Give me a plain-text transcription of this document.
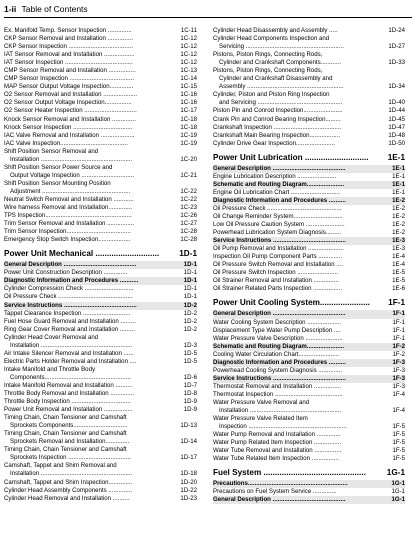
1-ii Table of Contents
Ex. Manifold Temp. Sensor Inspection ..............	1C-11
CKP Sensor Removal and Installation ...............	1C-12
CKP Sensor Inspection ......................................	1C-12
IAT Sensor Removal and Installation ..................	1C-12
IAT Sensor Inspection ........................................	1C-12
CMP Sensor Removal and Installation ................	1C-13
CMP Sensor Inspection ......................................	1C-14
MAP Sensor Output Voltage Inspection..............	1C-15
O2 Sensor Removal and Installation ....................	1C-16
O2 Sensor Output Voltage Inspection................	1C-16
O2 Sensor Heater Inspection ...............................	1C-17
Knock Sensor Removal and Installation ..............	1C-18
Knock Sensor Inspection ...................................	1C-18
IAC Valve Removal and Installation ....................	1C-19
IAC Valve Inspection........................................	1C-19
Shift Position Sensor Removal and
Installation ......................................................	1C-20
Shift Position Sensor Power Source and
Output Voltage Inspection ...............................	1C-21
Shift Position Sensor Mounting Position
Adjustment ....................................................	1C-22
Neutral Switch Removal and Installation ............	1C-22
Wire harness Removal and Installation..............	1C-23
TPS Inspection...................................................	1C-26
Trim Sensor Removal and Installation ................	1C-27
Trim Sensor Inspection......................................	1C-28
Emergency Stop Switch Inspection...................	1C-28
Power Unit Mechanical ............................ 1D-1
General Description ...........................................	1D-1
Power Unit Construction Description ..............	1D-1
Diagnostic Information and Procedures ...........	1D-1
Cylinder Compression Check .............................	1D-1
Oil Pressure Check ............................................	1D-1
Service Instructions ...........................................	1D-2
Tappet Clearance Inspection ............................	1D-2
Fuel Hose Guard Removal and Installation .........	1D-2
Ring Gear Cover Removal and Installation .........	1D-2
Cylinder Head Cover Removal and
Installation ......................................................	1D-3
Air Intake Silencer Removal and Installation ......	1D-5
Electric Parts Holder Removal and Installation ....	1D-5
Intake Manifold and Throttle Body
Components...................................................	1D-6
Intake Manifold Removal and Installation ..........	1D-7
Throttle Body Removal and Installation ..............	1D-8
Throttle Body Inspection ...................................	1D-9
Power Unit Removal and Installation .................	1D-9
Timing Chain, Chain Tensioner and Camshaft
Sprockets Components................................	1D-13
Timing Chain, Chain Tensioner and Camshaft
Sprockets Removal and Installation..............	1D-14
Timing Chain, Chain Tensioner and Camshaft
Sprockets Inspection .....................................	1D-17
Camshaft, Tappet and Shim Removal and
Installation ......................................................	1D-18
Camshaft, Tappet and Shim Inspection..............	1D-20
Cylinder Head Assembly Components ..............	1D-22
Cylinder Head Removal and Installation ..........	1D-23
Cylinder Head Disassembly and Assembly .....	1D-24
Cylinder Head Components Inspection and
Servicing ..........................................................	1D-27
Pistons, Piston Rings, Connecting Rods,
Cylinder and Crankshaft Components............	1D-33
Pistons, Piston Rings, Connecting Rods,
Cylinder and Crankshaft Disassembly and
Assembly .........................................................	1D-34
Cylinder, Piston and Piston Ring Inspection
and Servicing ..................................................	1D-40
Piston Pin and Conrod Inspection.......................	1D-44
Crank Pin and Conrod Bearing Inspection.........	1D-45
Crankshaft Inspection ........................................	1D-47
Crankshaft Main Bearing Inspection..................	1D-48
Cylinder Drive Gear Inspection.......................	1D-50
Power Unit Lubrication ............................ 1E-1
General Description ...........................................	1E-1
Engine Lubrication Description .......................	1E-1
Schematic and Routing Diagram......................	1E-1
Engine Oil Lubrication Chart .............................	1E-1
Diagnostic Information and Procedures ..........	1E-2
Oil Pressure Check ............................................	1E-2
Oil Change Reminder System.............................	1E-2
Low Oil Pressure Caution System .......................	1E-2
Powerhead Lubrication System Diagnosis.........	1E-2
Service Instructions ...........................................	1E-3
Oil Pump Removal and Installation .....................	1E-3
Inspection Oil Pump Component Parts ..............	1E-4
Oil Pressure Switch Removal and Installation ....	1E-4
Oil Pressure Switch Inspection ........................	1E-5
Oil Strainer Removal and Installation ...............	1E-5
Oil Strainer Related Parts Inspection .................	1E-6
Power Unit Cooling System...................... 1F-1
General Description ...........................................	1F-1
Water Cooling System Description ....................	1F-1
Displacement Type Water Pump Description ....	1F-1
Water Pressure Valve Description ......................	1F-1
Schematic and Routing Diagram......................	1F-2
Cooling Water Circulation Chart........................	1F-2
Diagnostic Information and Procedures ..........	1F-3
Powerhead Cooling System Diagnosis ..............	1F-3
Service Instructions ...........................................	1F-3
Thermostat Removal and Installation ................	1F-3
Thermostat Inspection ........................................	1F-4
Water Pressure Valve Removal and
Installation ......................................................	1F-4
Water Pressure Valve Related Item
Inspection ..........................................................	1F-5
Water Pump Removal and Installation ..............	1F-5
Water Pump Related Item Inspection ................	1F-5
Water Tube Removal and Installation ................	1F-5
Water Tube Related Item Inspection ................	1F-5
Fuel System .............................................	1G-1
Precautions...........................................................	1G-1
Precautions on Fuel System Service ..............	1G-1
General Description ...........................................	1G-1
